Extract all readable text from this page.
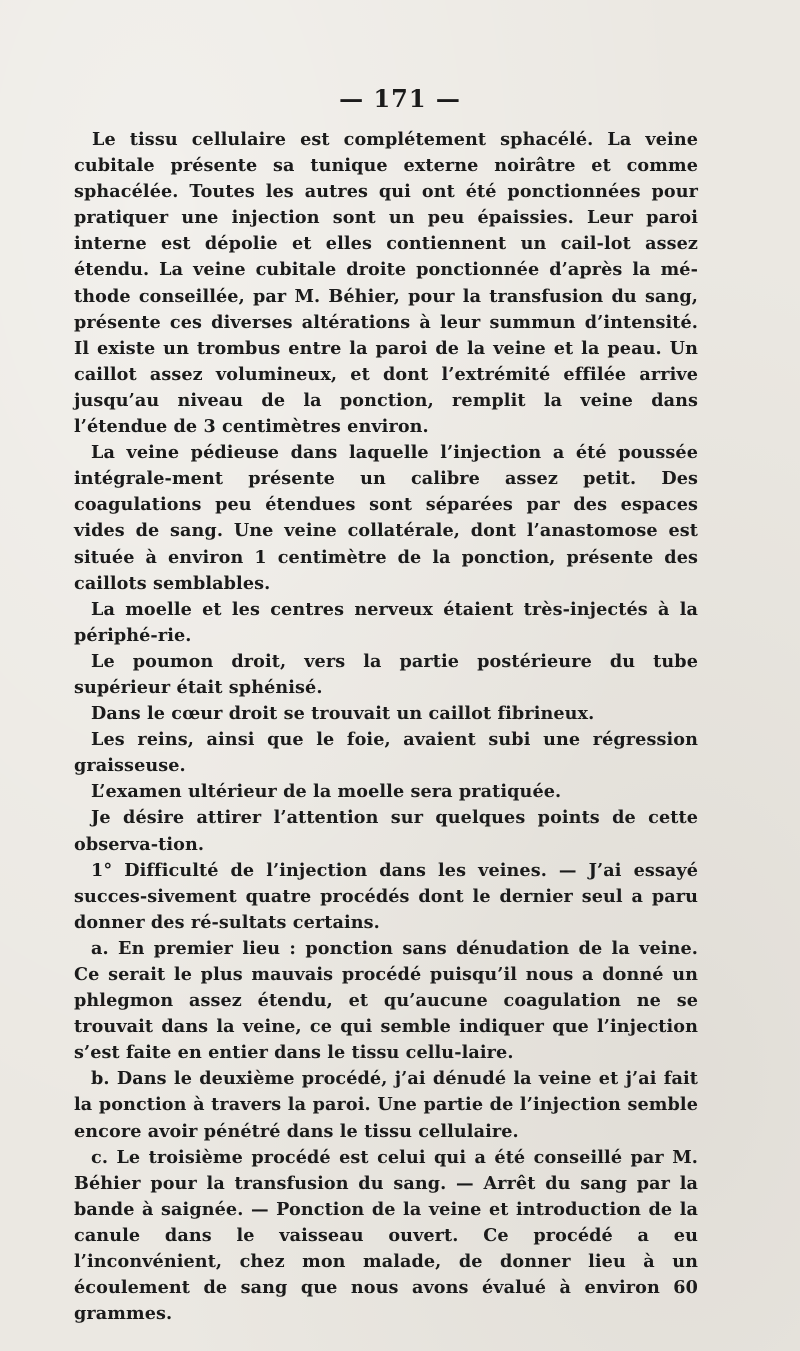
— 171 —

Le tissu cellulaire est complétement sphacélé. La veine cubitale présente sa tunique externe noirâtre et comme sphacélée. Toutes les autres qui ont été ponctionnées pour pratiquer une injection sont un peu épaissies. Leur paroi interne est dépolie et elles contiennent un cail-lot assez étendu. La veine cubitale droite ponctionnée d’après la mé-thode conseillée, par M. Béhier, pour la transfusion du sang, présente ces diverses altérations à leur summun d’intensité. Il existe un trombus entre la paroi de la veine et la peau. Un caillot assez volumineux, et dont l’extrémité effilée arrive jusqu’au niveau de la ponction, remplit la veine dans l’étendue de 3 centimètres environ.

La veine pédieuse dans laquelle l’injection a été poussée intégrale-ment présente un calibre assez petit. Des coagulations peu étendues sont séparées par des espaces vides de sang. Une veine collatérale, dont l’anastomose est située à environ 1 centimètre de la ponction, présente des caillots semblables.

La moelle et les centres nerveux étaient très-injectés à la périphé-rie.

Le poumon droit, vers la partie postérieure du tube supérieur était sphénisé.

Dans le cœur droit se trouvait un caillot fibrineux.

Les reins, ainsi que le foie, avaient subi une régression graisseuse.

L’examen ultérieur de la moelle sera pratiquée.

Je désire attirer l’attention sur quelques points de cette observa-tion.

1° Difficulté de l’injection dans les veines. — J’ai essayé succes-sivement quatre procédés dont le dernier seul a paru donner des ré-sultats certains.

a. En premier lieu : ponction sans dénudation de la veine. Ce serait le plus mauvais procédé puisqu’il nous a donné un phlegmon assez étendu, et qu’aucune coagulation ne se trouvait dans la veine, ce qui semble indiquer que l’injection s’est faite en entier dans le tissu cellu-laire.

b. Dans le deuxième procédé, j’ai dénudé la veine et j’ai fait la ponction à travers la paroi. Une partie de l’injection semble encore avoir pénétré dans le tissu cellulaire.

c. Le troisième procédé est celui qui a été conseillé par M. Béhier pour la transfusion du sang. — Arrêt du sang par la bande à saignée. — Ponction de la veine et introduction de la canule dans le vaisseau ouvert. Ce procédé a eu l’inconvénient, chez mon malade, de donner lieu à un écoulement de sang que nous avons évalué à environ 60 grammes.
